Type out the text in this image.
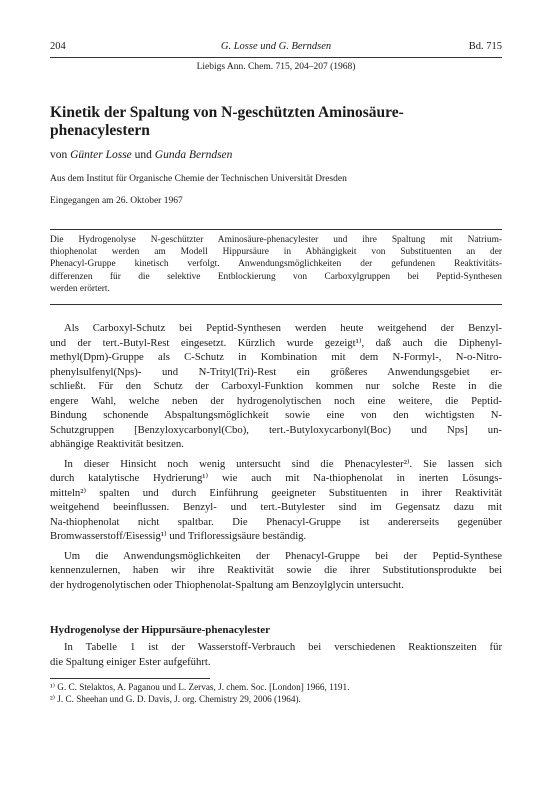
204	G. Losse und G. Berndsen	Bd. 715
Liebigs Ann. Chem. 715, 204–207 (1968)
Kinetik der Spaltung von N-geschützten Aminosäure-
phenacylestern
von Günter Losse und Gunda Berndsen
Aus dem Institut für Organische Chemie der Technischen Universität Dresden
Eingegangen am 26. Oktober 1967
Die Hydrogenolyse N-geschützter Aminosäure-phenacylester und ihre Spaltung mit Natrium-
thiophenolat werden am Modell Hippursäure in Abhängigkeit von Substituenten an der
Phenacyl-Gruppe kinetisch verfolgt. Anwendungsmöglichkeiten der gefundenen Reaktivitäts-
differenzen für die selektive Entblockierung von Carboxylgruppen bei Peptid-Synthesen
werden erörtert.
Als Carboxyl-Schutz bei Peptid-Synthesen werden heute weitgehend der Benzyl-
und der tert.-Butyl-Rest eingesetzt. Kürzlich wurde gezeigt¹⁾, daß auch die Diphenyl-
methyl(Dpm)-Gruppe als C-Schutz in Kombination mit dem N-Formyl-, N-o-Nitro-
phenylsulfenyl(Nps)- und N-Trityl(Tri)-Rest ein größeres Anwendungsgebiet er-
schließt. Für den Schutz der Carboxyl-Funktion kommen nur solche Reste in die
engere Wahl, welche neben der hydrogenolytischen noch eine weitere, die Peptid-
Bindung schonende Abspaltungsmöglichkeit sowie eine von den wichtigsten N-
Schutzgruppen [Benzyloxycarbonyl(Cbo), tert.-Butyloxycarbonyl(Boc) und Nps] un-
abhängige Reaktivität besitzen.
In dieser Hinsicht noch wenig untersucht sind die Phenacylester²⁾. Sie lassen sich
durch katalytische Hydrierung¹⁾ wie auch mit Na-thiophenolat in inerten Lösungs-
mitteln²⁾ spalten und durch Einführung geeigneter Substituenten in ihrer Reaktivität
weitgehend beeinflussen. Benzyl- und tert.-Butylester sind im Gegensatz dazu mit
Na-thiophenolat nicht spaltbar. Die Phenacyl-Gruppe ist andererseits gegenüber
Bromwasserstoff/Eisessig¹⁾ und Trifloressigsäure beständig.
Um die Anwendungsmöglichkeiten der Phenacyl-Gruppe bei der Peptid-Synthese
kennenzulernen, haben wir ihre Reaktivität sowie die ihrer Substitutionsprodukte bei
der hydrogenolytischen oder Thiophenolat-Spaltung am Benzoylglycin untersucht.
Hydrogenolyse der Hippursäure-phenacylester
In Tabelle 1 ist der Wasserstoff-Verbrauch bei verschiedenen Reaktionszeiten für
die Spaltung einiger Ester aufgeführt.
¹⁾ G. C. Stelaktos, A. Paganou und L. Zervas, J. chem. Soc. [London] 1966, 1191.
²⁾ J. C. Sheehan und G. D. Davis, J. org. Chemistry 29, 2006 (1964).
